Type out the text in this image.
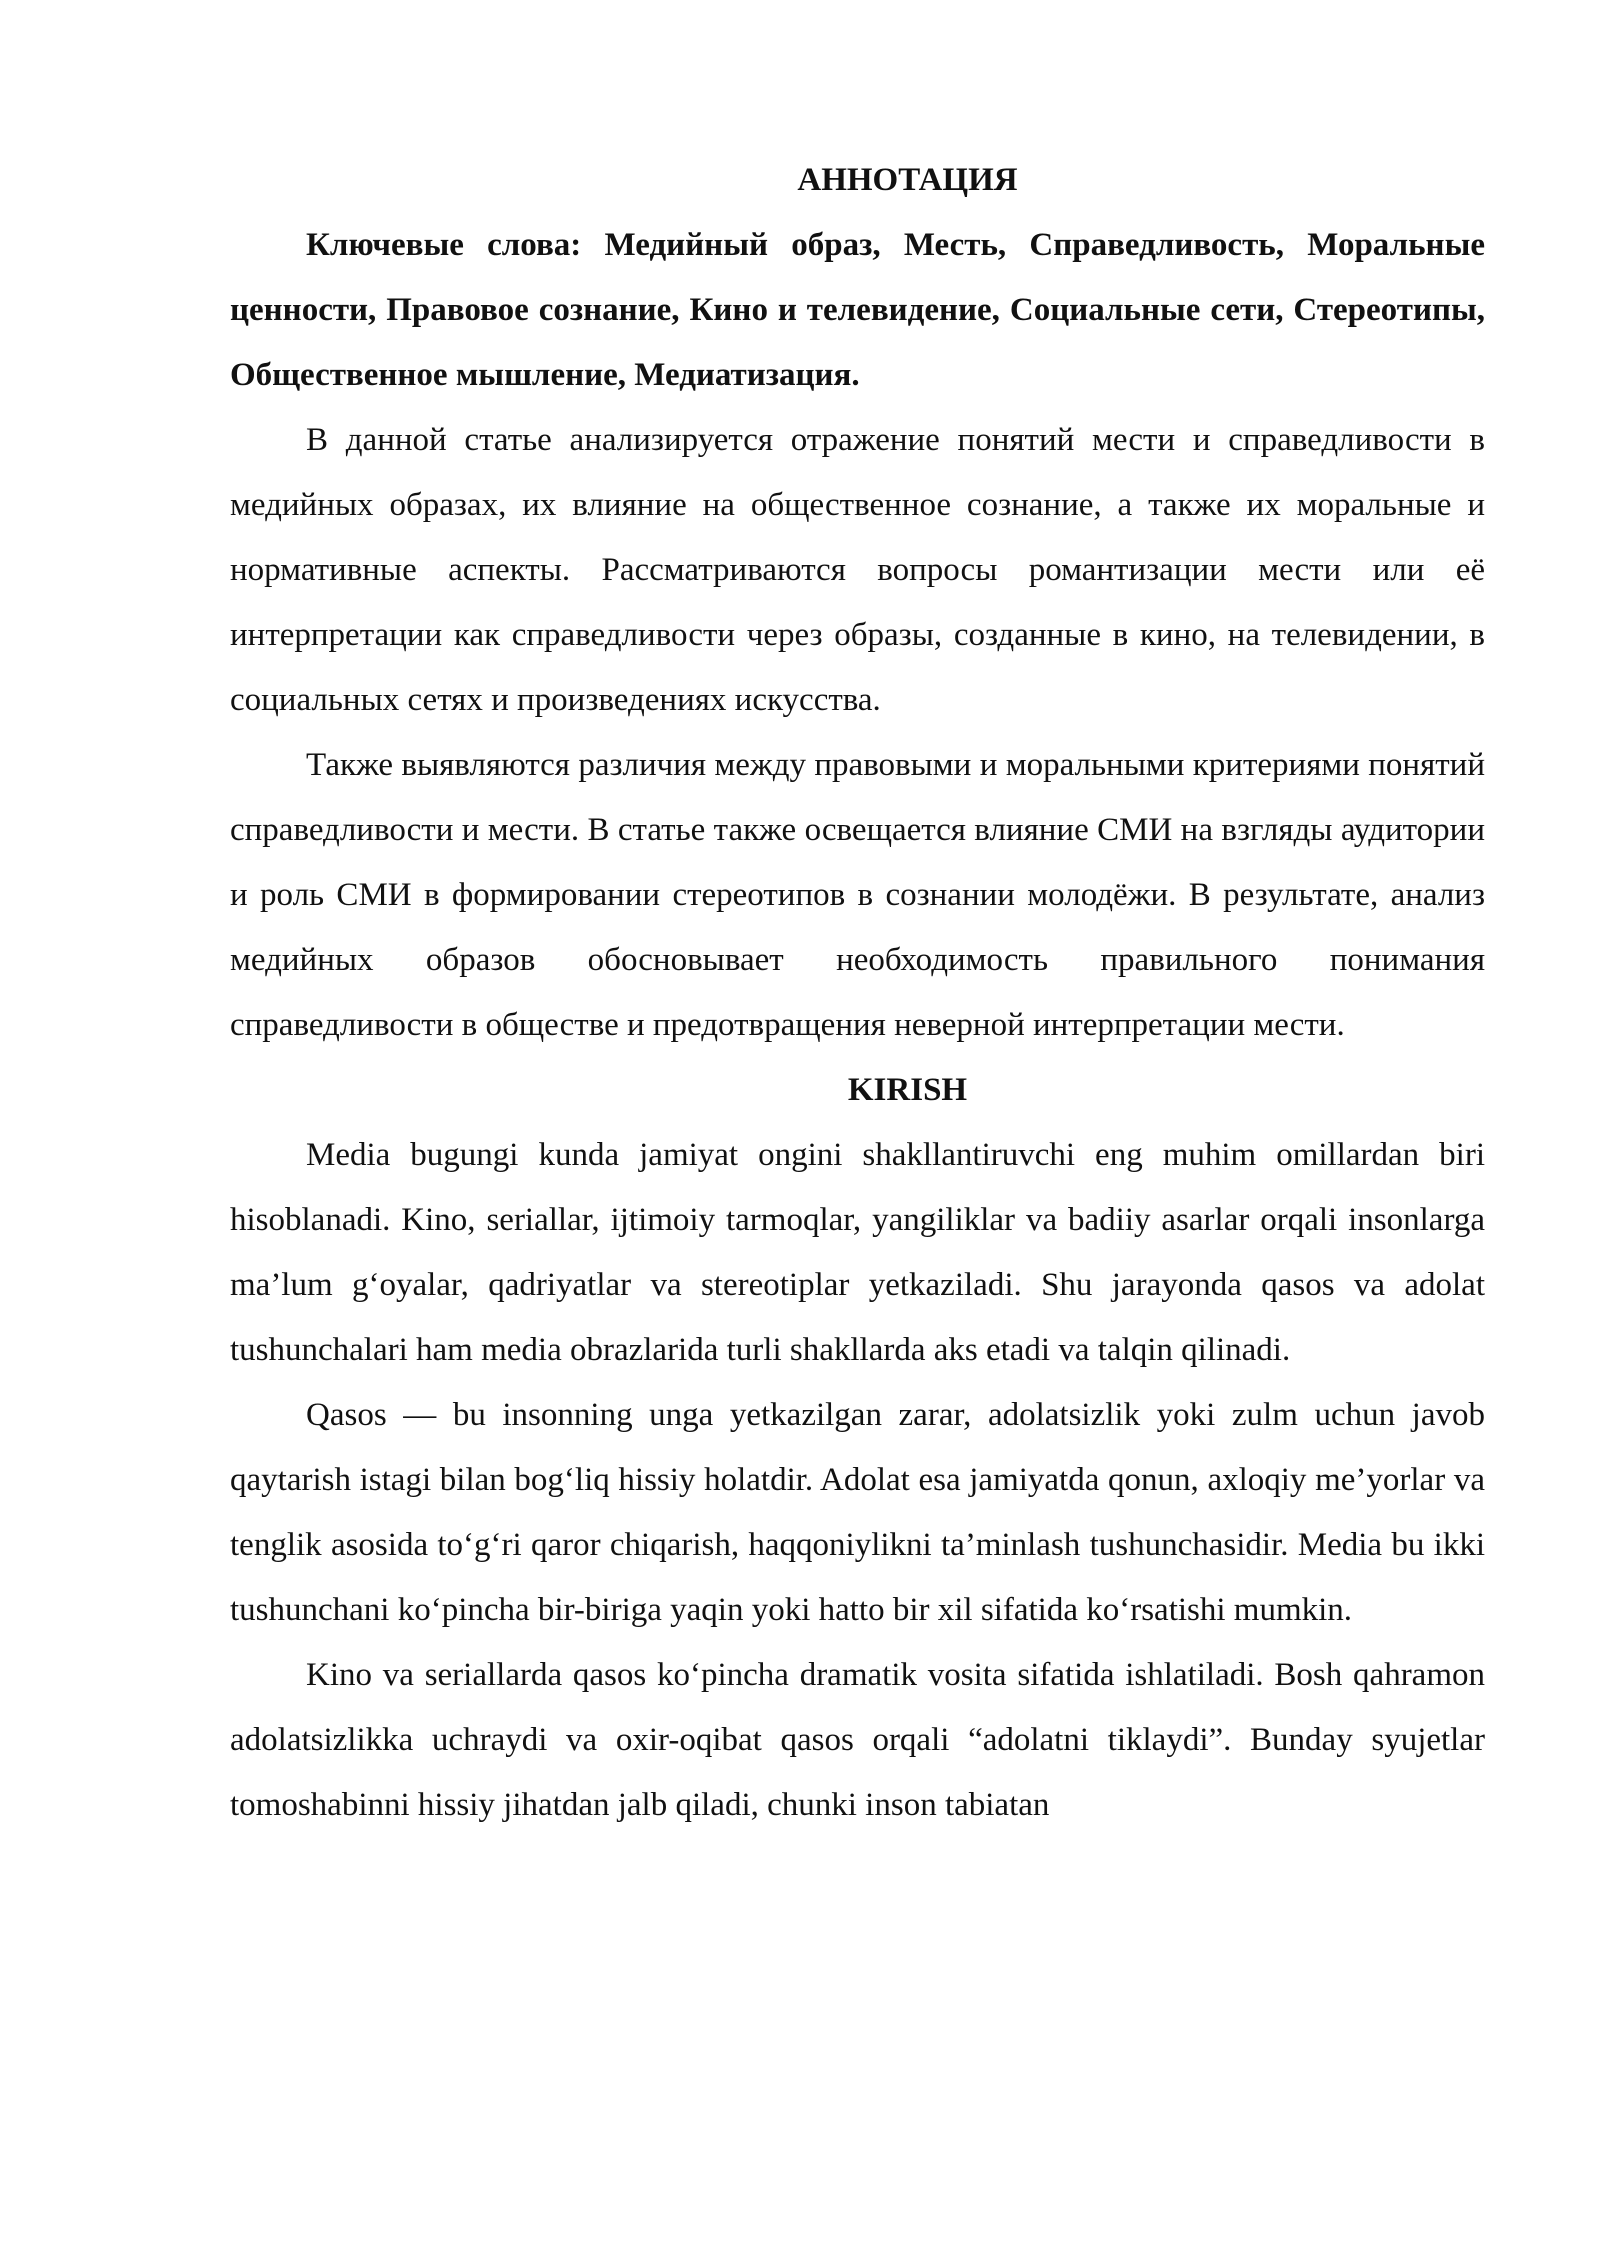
АННОТАЦИЯ

Ключевые слова: Медийный образ, Месть, Справедливость, Моральные ценности, Правовое сознание, Кино и телевидение, Социальные сети, Стереотипы, Общественное мышление, Медиатизация.

В данной статье анализируется отражение понятий мести и справедливости в медийных образах, их влияние на общественное сознание, а также их моральные и нормативные аспекты. Рассматриваются вопросы романтизации мести или её интерпретации как справедливости через образы, созданные в кино, на телевидении, в социальных сетях и произведениях искусства.

Также выявляются различия между правовыми и моральными критериями понятий справедливости и мести. В статье также освещается влияние СМИ на взгляды аудитории и роль СМИ в формировании стереотипов в сознании молодёжи. В результате, анализ медийных образов обосновывает необходимость правильного понимания справедливости в обществе и предотвращения неверной интерпретации мести.

KIRISH

Media bugungi kunda jamiyat ongini shakllantiruvchi eng muhim omillardan biri hisoblanadi. Kino, seriallar, ijtimoiy tarmoqlar, yangiliklar va badiiy asarlar orqali insonlarga ma’lum g‘oyalar, qadriyatlar va stereotiplar yetkaziladi. Shu jarayonda qasos va adolat tushunchalari ham media obrazlarida turli shakllarda aks etadi va talqin qilinadi.

Qasos — bu insonning unga yetkazilgan zarar, adolatsizlik yoki zulm uchun javob qaytarish istagi bilan bog‘liq hissiy holatdir. Adolat esa jamiyatda qonun, axloqiy me’yorlar va tenglik asosida to‘g‘ri qaror chiqarish, haqqoniylikni ta’minlash tushunchasidir. Media bu ikki tushunchani ko‘pincha bir-biriga yaqin yoki hatto bir xil sifatida ko‘rsatishi mumkin.

Kino va seriallarda qasos ko‘pincha dramatik vosita sifatida ishlatiladi. Bosh qahramon adolatsizlikka uchraydi va oxir-oqibat qasos orqali “adolatni tiklaydi”. Bunday syujetlar tomoshabinni hissiy jihatdan jalb qiladi, chunki inson tabiatan
